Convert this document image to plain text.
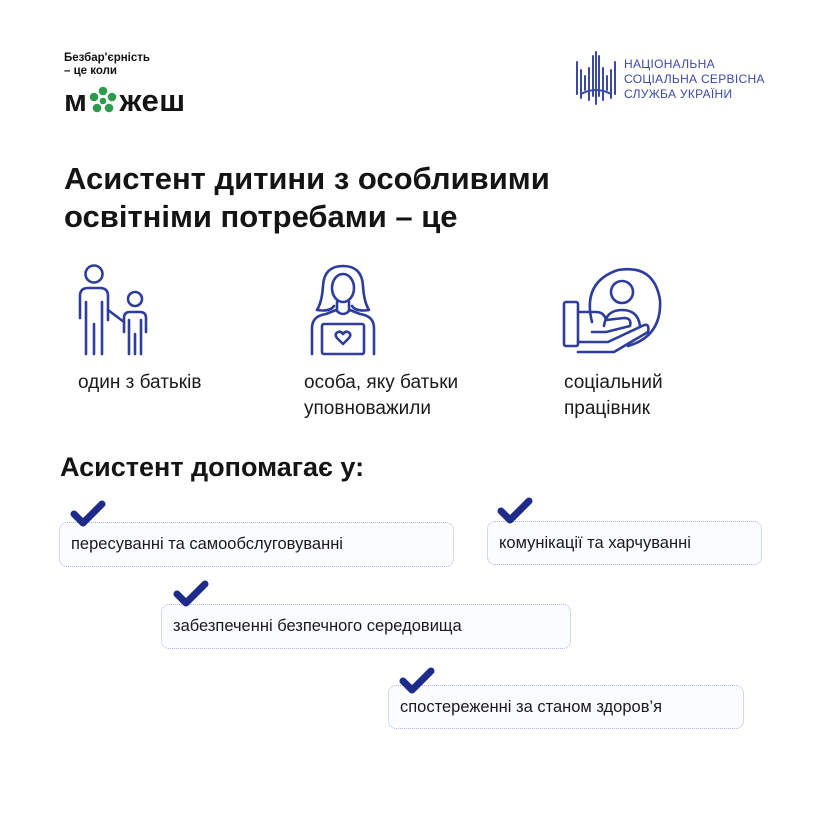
Безбар'єрність
– це коли
м жеш
НАЦІОНАЛЬНА
СОЦІАЛЬНА СЕРВІСНА
СЛУЖБА УКРАЇНИ
Асистент дитини з особливими
освітніми потребами – це
один з батьків	особа, яку батьки
уповноважили
соціальний
працівник
Асистент допомагає у:
пересуванні та самообслуговуванні	комунікації та харчуванні
забезпеченні безпечного середовища
спостереженні за станом здоров’я
